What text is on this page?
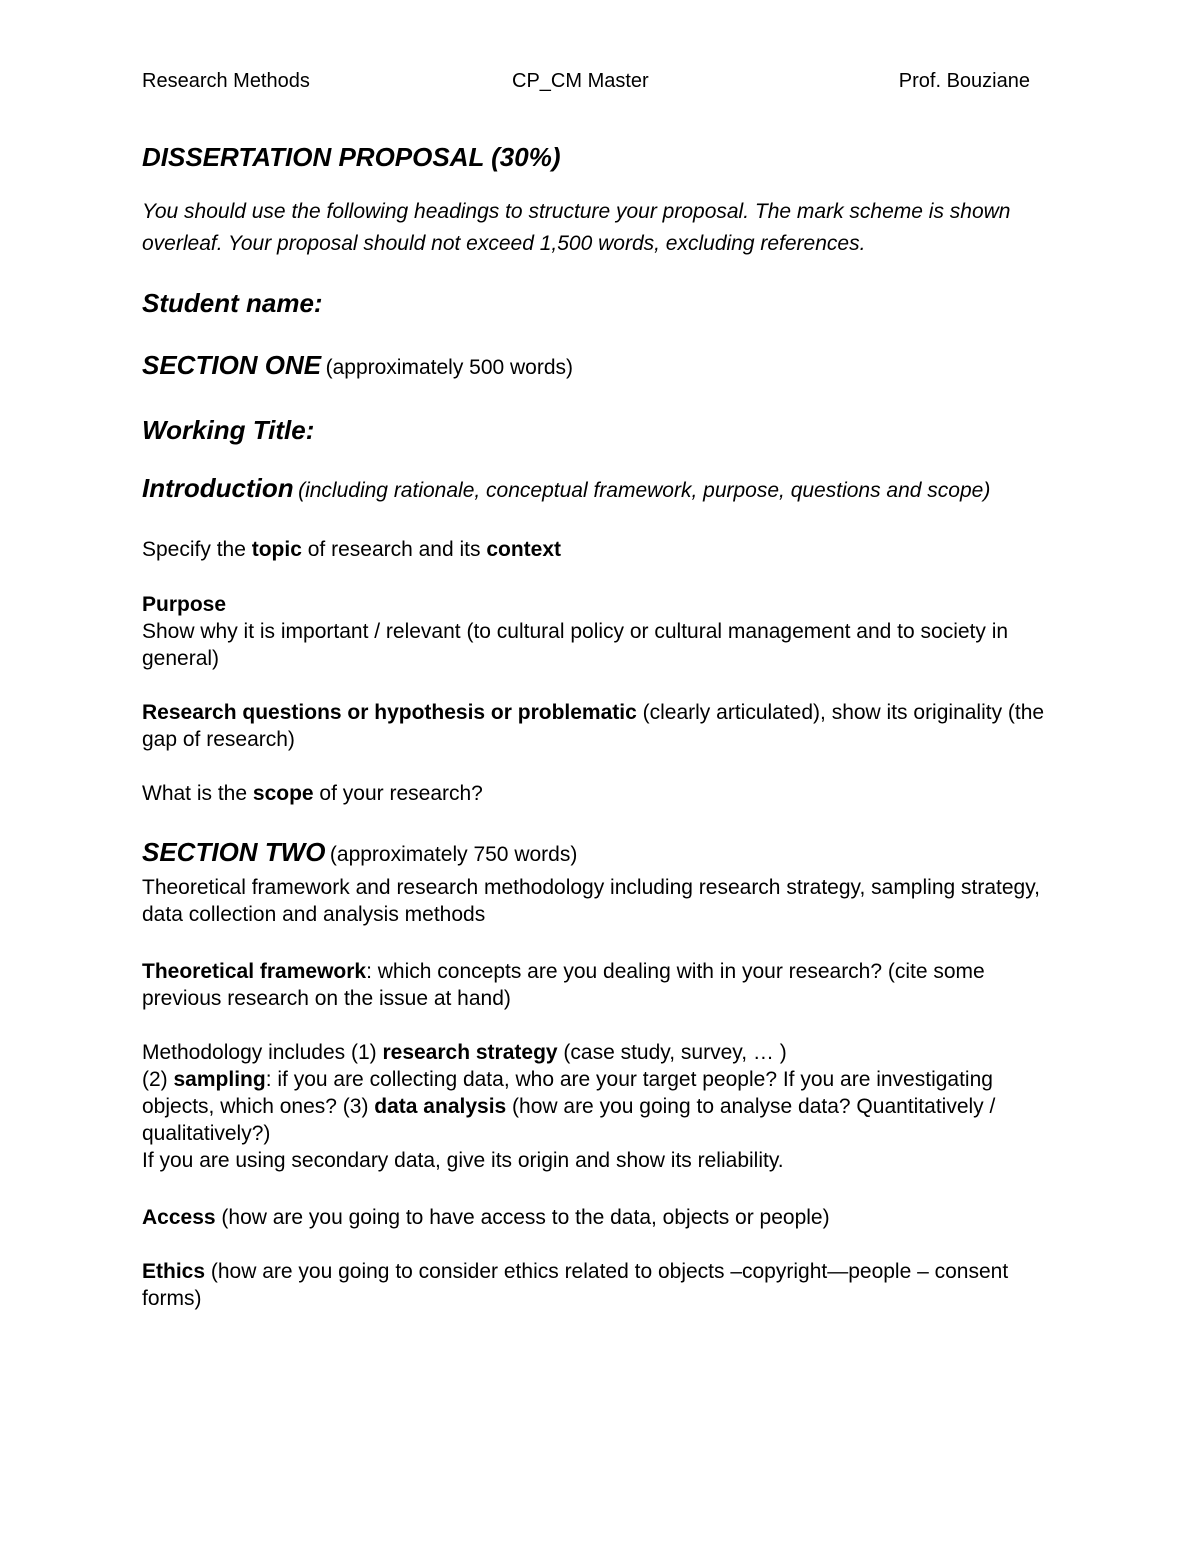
Research Methods	CP_CM Master	Prof. Bouziane

DISSERTATION PROPOSAL (30%)

You should use the following headings to structure your proposal. The mark scheme is shown overleaf. Your proposal should not exceed 1,500 words, excluding references.

Student name:

SECTION ONE (approximately 500 words)

Working Title:

Introduction (including rationale, conceptual framework, purpose, questions and scope)

Specify the topic of research and its context

Purpose

Show why it is important / relevant (to cultural policy or cultural management and to society in general)

Research questions or hypothesis or problematic (clearly articulated), show its originality (the gap of research)

What is the scope of your research?

SECTION TWO (approximately 750 words)

Theoretical framework and research methodology including research strategy, sampling strategy, data collection and analysis methods

Theoretical framework: which concepts are you dealing with in your research? (cite some previous research on the issue at hand)

Methodology includes (1) research strategy (case study, survey, … )

(2) sampling: if you are collecting data, who are your target people? If you are investigating objects, which ones? (3) data analysis (how are you going to analyse data? Quantitatively / qualitatively?)

If you are using secondary data, give its origin and show its reliability.

Access (how are you going to have access to the data, objects or people)

Ethics (how are you going to consider ethics related to objects –copyright—people – consent forms)
